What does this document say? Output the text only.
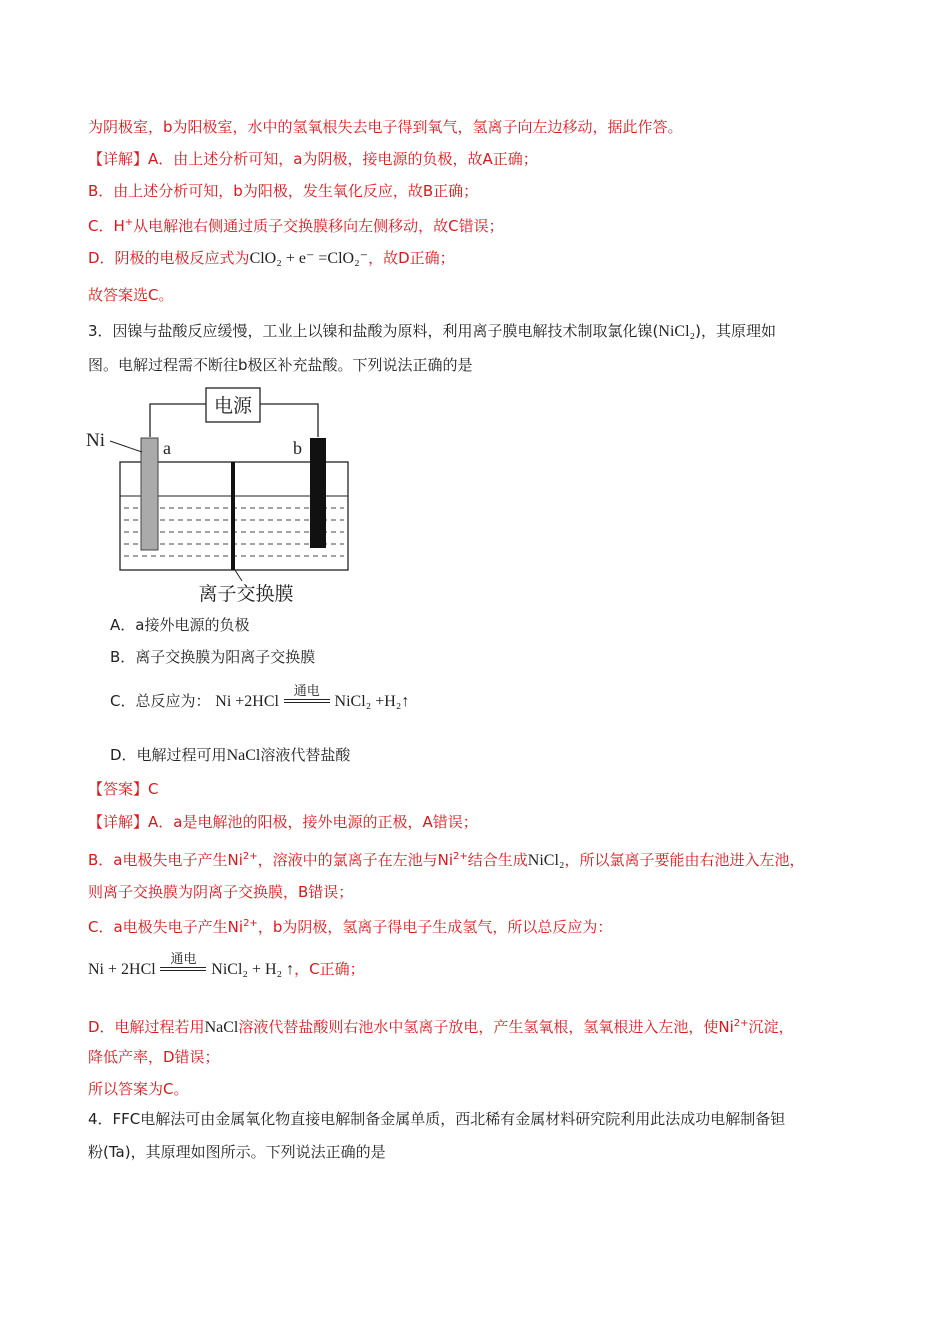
为阴极室，b为阳极室，水中的氢氧根失去电子得到氧气，氢离子向左边移动，据此作答。
【详解】A．由上述分析可知，a为阴极，接电源的负极，故A正确；
B．由上述分析可知，b为阳极，发生氧化反应，故B正确；
C．H+从电解池右侧通过质子交换膜移向左侧移动，故C错误；
D．阴极的电极反应式为ClO₂ + e⁻ =ClO₂⁻，故D正确；
故答案选C。
3．因镍与盐酸反应缓慢，工业上以镍和盐酸为原料，利用离子膜电解技术制取氯化镍(NiCl₂)，其原理如
图。电解过程需不断往b极区补充盐酸。下列说法正确的是
电源
Ni	a	b
离子交换膜
A．a接外电源的负极
B．离子交换膜为阳离子交换膜
C．总反应为： Ni +2HCl
通电
NiCl₂ +H₂↑
D．电解过程可用NaCl溶液代替盐酸
【答案】C
【详解】A．a是电解池的阳极，接外电源的正极，A错误；
B．a电极失电子产生$Ni^{2+}$，溶液中的氯离子在左池与$Ni^{2+}$结合生成NiCl₂，所以氯离子要能由右池进入左池，
则离子交换膜为阴离子交换膜，B错误；
C．a电极失电子产生$Ni^{2+}$，b为阴极，氢离子得电子生成氢气，所以总反应为：
Ni + 2HCl
通电
NiCl₂ + H₂ ↑，C正确；
D．电解过程若用NaCl溶液代替盐酸则右池水中氢离子放电，产生氢氧根，氢氧根进入左池，使$Ni^{2+}$沉淀，
降低产率，D错误；
所以答案为C。
4．FFC电解法可由金属氧化物直接电解制备金属单质，西北稀有金属材料研究院利用此法成功电解制备钽
粉(Ta)，其原理如图所示。下列说法正确的是
